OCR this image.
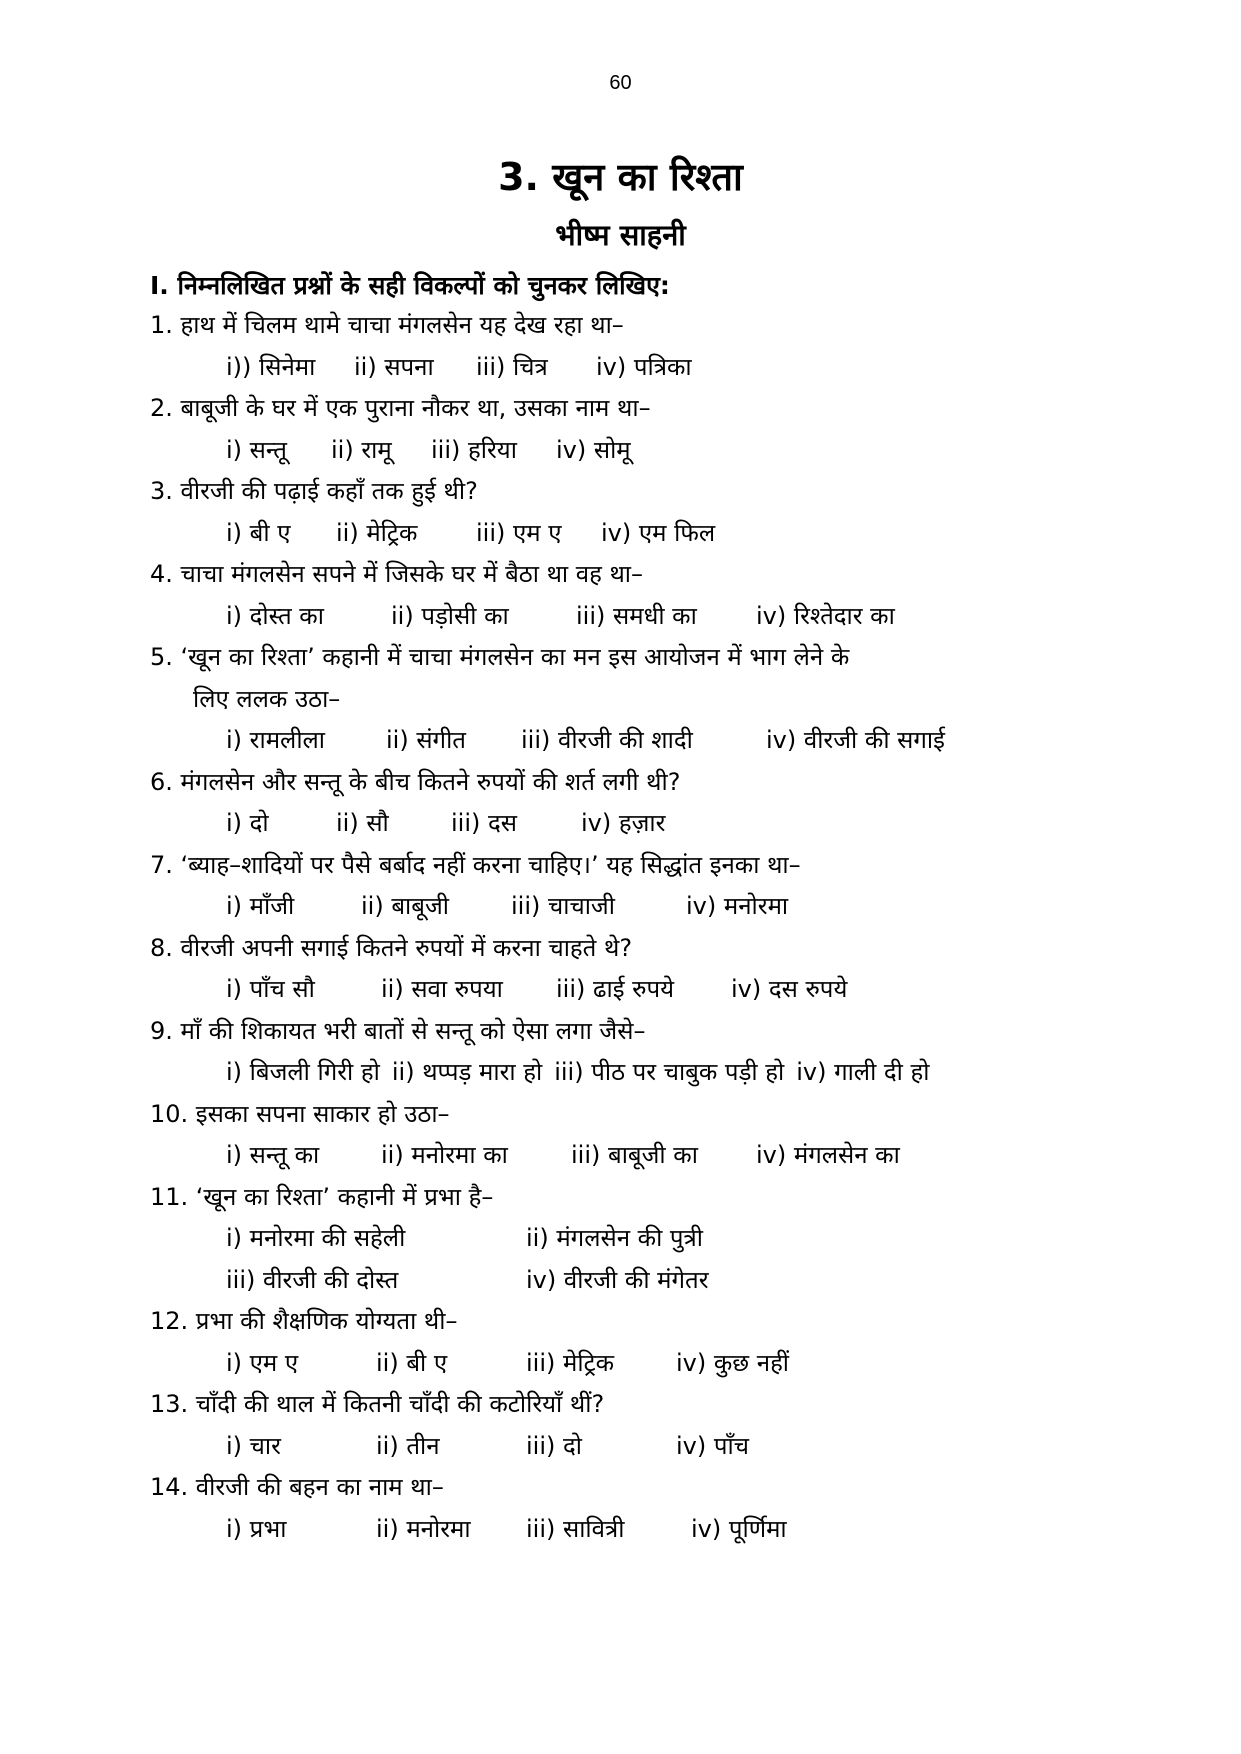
60
3. खून का रिश्ता
भीष्म साहनी
I. निम्नलिखित प्रश्नों के सही विकल्पों को चुनकर लिखिए:
1. हाथ में चिलम थामे चाचा मंगलसेन यह देख रहा था–
i)) सिनेमा	ii) सपना	iii) चित्र	iv) पत्रिका
2. बाबूजी के घर में एक पुराना नौकर था, उसका नाम था–
i) सन्तू	ii) रामू	iii) हरिया	iv) सोमू
3. वीरजी की पढ़ाई कहाँ तक हुई थी?
i) बी ए	ii) मेट्रिक	iii) एम ए	iv) एम फिल
4. चाचा मंगलसेन सपने में जिसके घर में बैठा था वह था–
i) दोस्त का	ii) पड़ोसी का	iii) समधी का	iv) रिश्तेदार का
5. ‘खून का रिश्ता’ कहानी में चाचा मंगलसेन का मन इस आयोजन में भाग लेने के
लिए ललक उठा–
i) रामलीला	ii) संगीत	iii) वीरजी की शादी	iv) वीरजी की सगाई
6. मंगलसेन और सन्तू के बीच कितने रुपयों की शर्त लगी थी?
i) दो	ii) सौ	iii) दस	iv) हज़ार
7. ‘ब्याह–शादियों पर पैसे बर्बाद नहीं करना चाहिए।’ यह सिद्धांत इनका था–
i) माँजी	ii) बाबूजी	iii) चाचाजी	iv) मनोरमा
8. वीरजी अपनी सगाई कितने रुपयों में करना चाहते थे?
i) पाँच सौ	ii) सवा रुपया	iii) ढाई रुपये	iv) दस रुपये
9. माँ की शिकायत भरी बातों से सन्तू को ऐसा लगा जैसे–
i) बिजली गिरी हो ii) थप्पड़ मारा हो iii) पीठ पर चाबुक पड़ी हो iv) गाली दी हो
10. इसका सपना साकार हो उठा–
i) सन्तू का	ii) मनोरमा का	iii) बाबूजी का	iv) मंगलसेन का
11. ‘खून का रिश्ता’ कहानी में प्रभा है–
i) मनोरमा की सहेली	ii) मंगलसेन की पुत्री
iii) वीरजी की दोस्त	iv) वीरजी की मंगेतर
12. प्रभा की शैक्षणिक योग्यता थी–
i) एम ए	ii) बी ए	iii) मेट्रिक	iv) कुछ नहीं
13. चाँदी की थाल में कितनी चाँदी की कटोरियाँ थीं?
i) चार	ii) तीन	iii) दो	iv) पाँच
14. वीरजी की बहन का नाम था–
i) प्रभा	ii) मनोरमा	iii) सावित्री	iv) पूर्णिमा
